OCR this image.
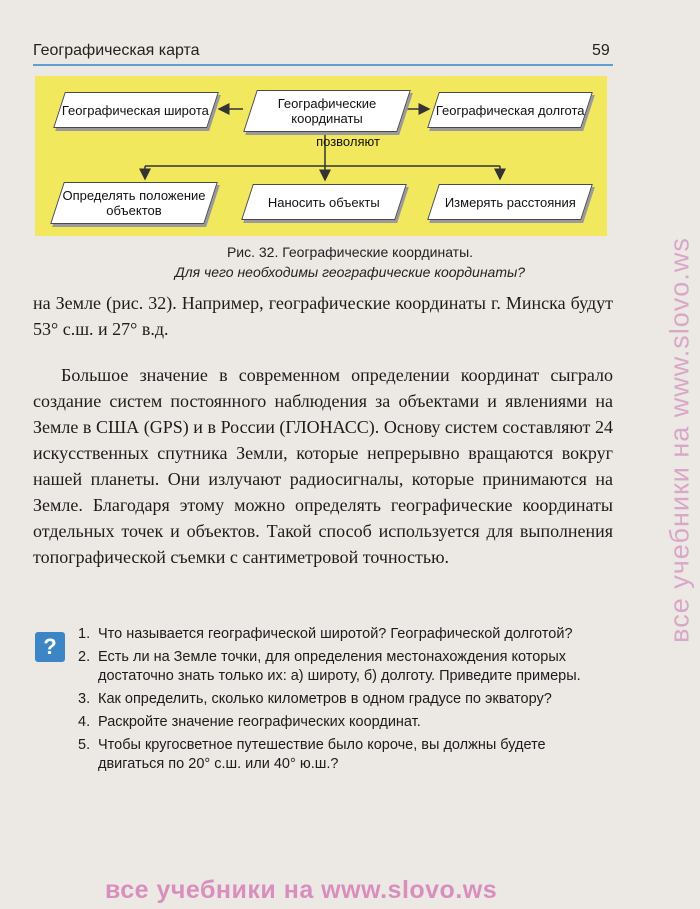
Географическая карта	59
Географические координаты
Географическая широта	Географическая долгота
позволяют
Определять положение объектов
Наносить объекты	Измерять расстояния
Рис. 32. Географические координаты.
Для чего необходимы географические координаты?
на Земле (рис. 32). Например, географические координаты г. Минска будут 53° с.ш. и 27° в.д.
Большое значение в современном определении координат сыграло создание систем постоянного наблюдения за объектами и явлениями на Земле в США (GPS) и в России (ГЛОНАСС). Основу систем составляют 24 искусственных спутника Земли, которые непрерывно вращаются вокруг нашей планеты. Они излучают радиосигналы, которые принимаются на Земле. Благодаря этому можно определять географические координаты отдельных точек и объектов. Такой способ используется для выполнения топографической съемки с сантиметровой точностью.
?	1. Что называется географической широтой? Географической долготой?
2. Есть ли на Земле точки, для определения местонахождения которых достаточно знать только их: а) широту, б) долготу. Приведите примеры.
3. Как определить, сколько километров в одном градусе по экватору?
4. Раскройте значение географических координат.
5. Чтобы кругосветное путешествие было короче, вы должны будете двигаться по 20° с.ш. или 40° ю.ш.?
все учебники на www.slovo.ws
все учебники на www.slovo.ws
